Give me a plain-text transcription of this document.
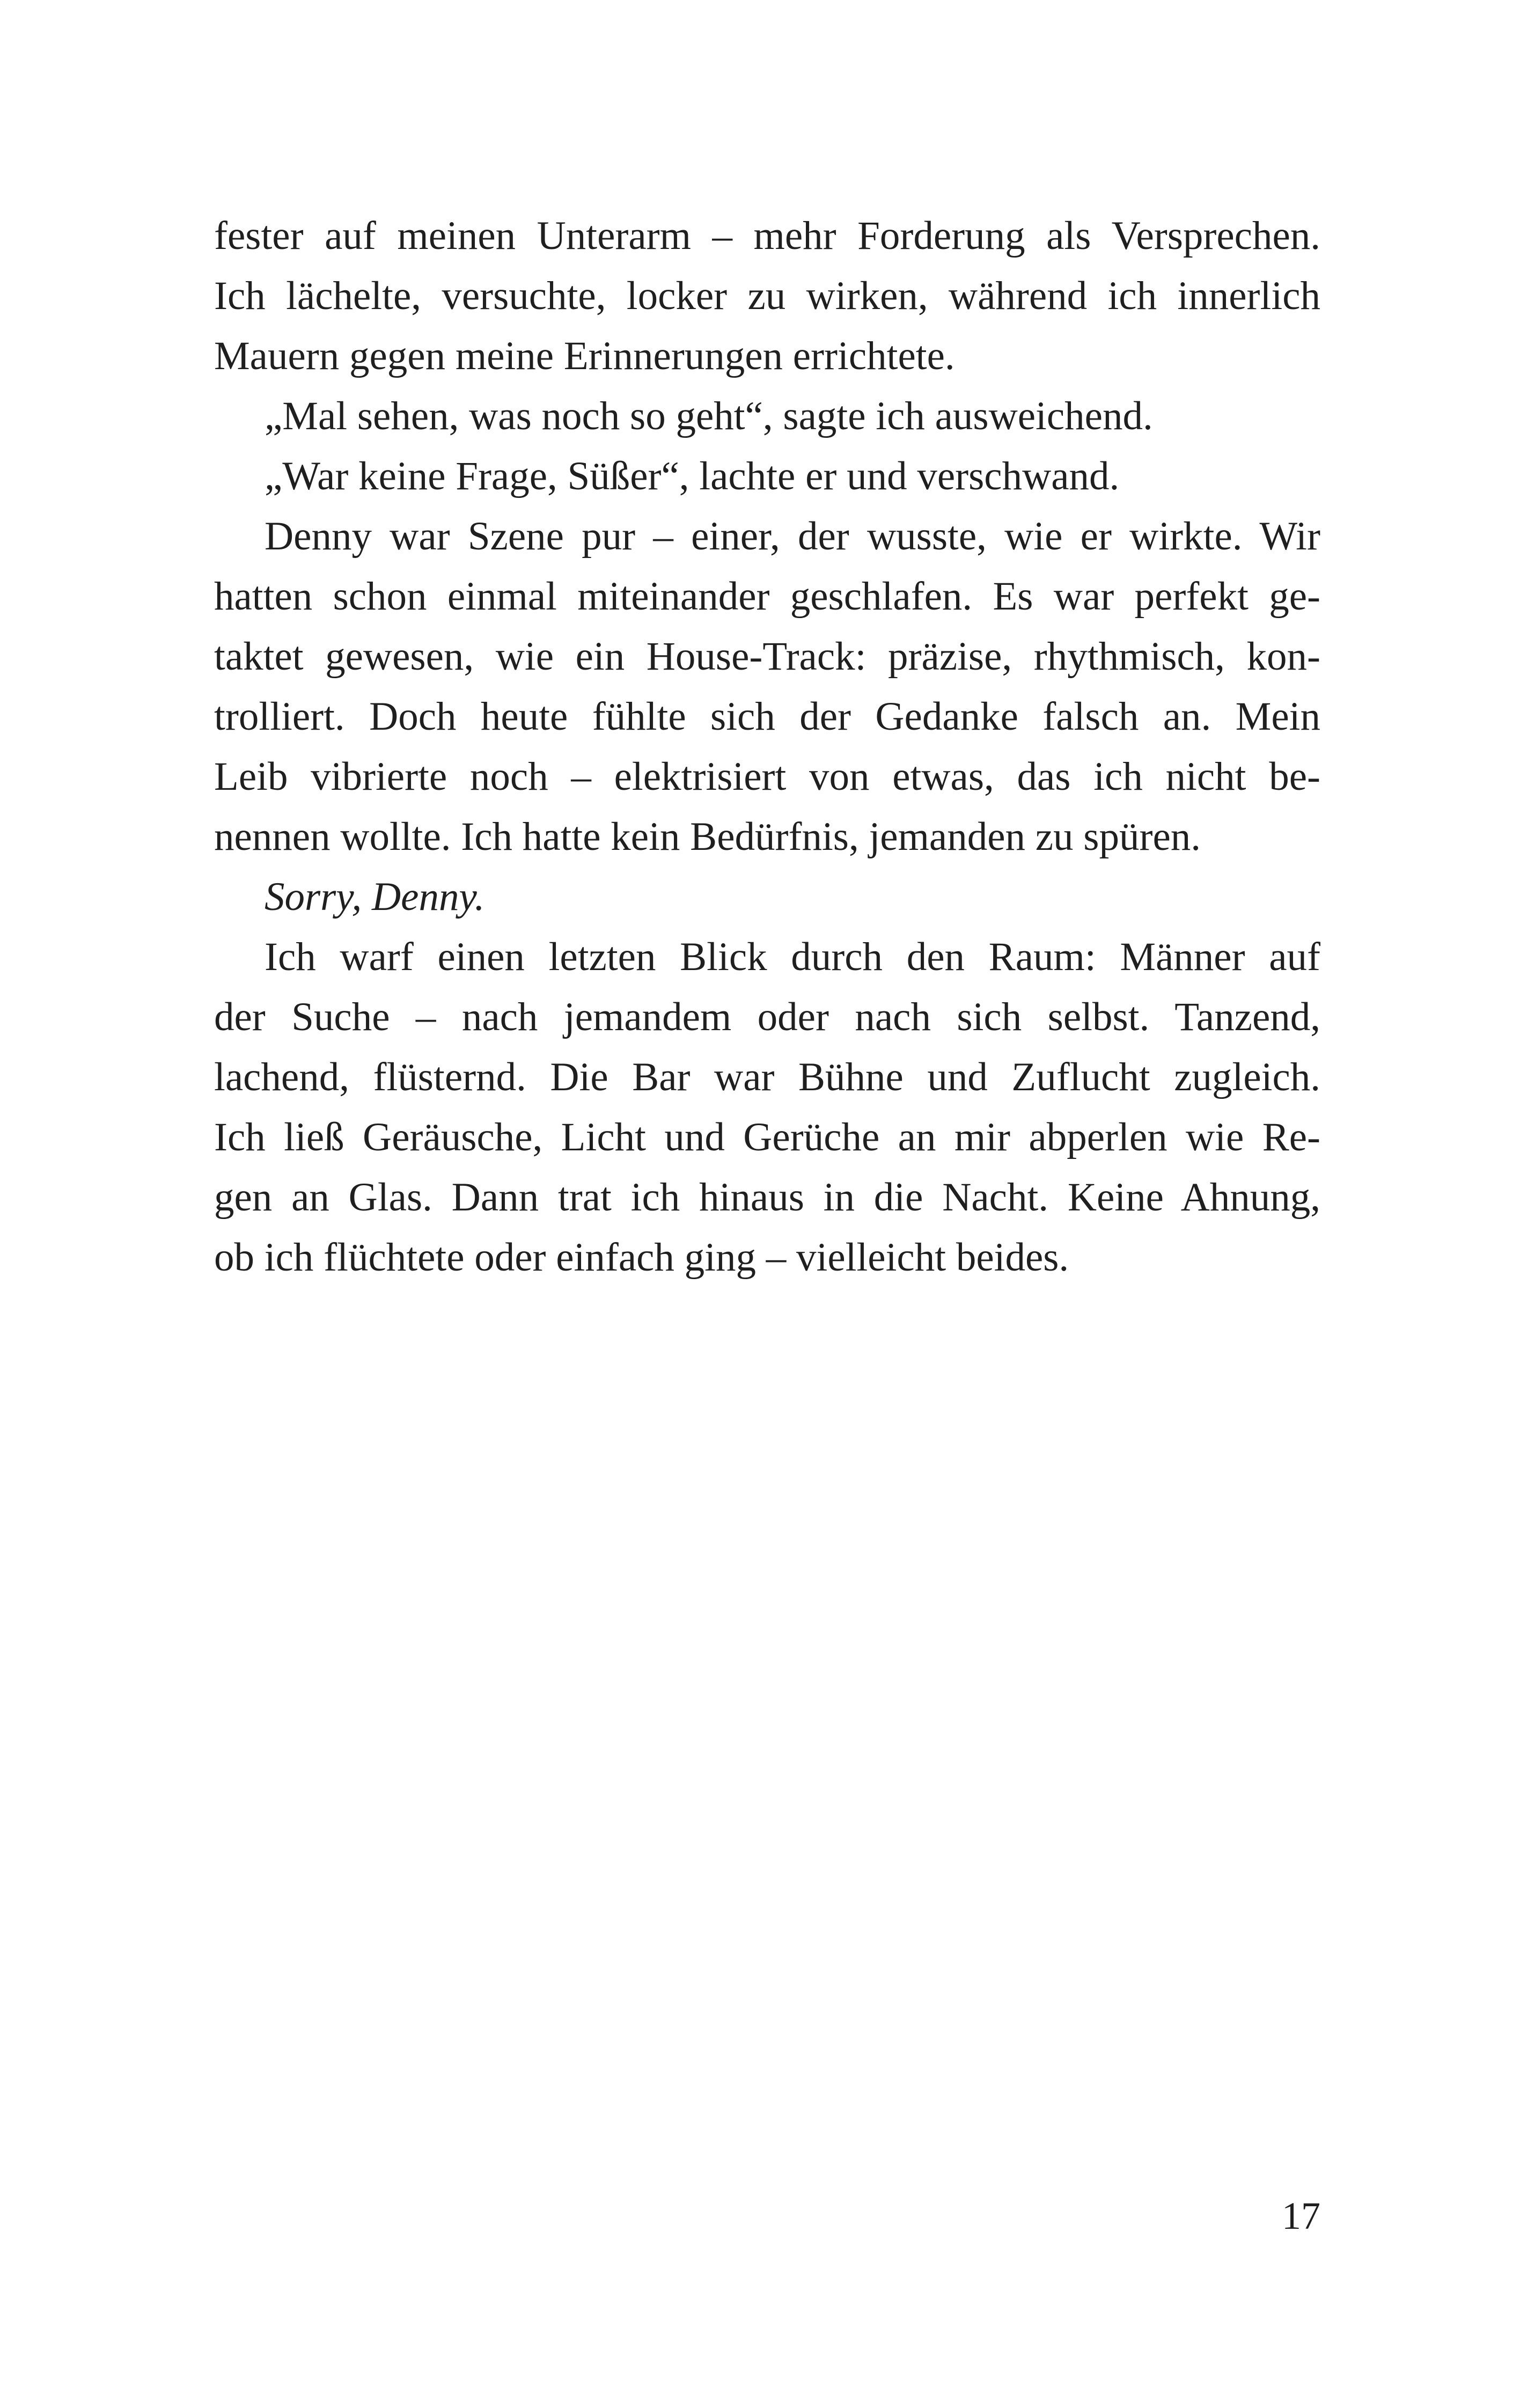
fester auf meinen Unterarm – mehr Forderung als Versprechen.
Ich lächelte, versuchte, locker zu wirken, während ich innerlich
Mauern gegen meine Erinnerungen errichtete.
„Mal sehen, was noch so geht“, sagte ich ausweichend.
„War keine Frage, Süßer“, lachte er und verschwand.
Denny war Szene pur – einer, der wusste, wie er wirkte. Wir
hatten schon einmal miteinander geschlafen. Es war perfekt ge-
taktet gewesen, wie ein House-Track: präzise, rhythmisch, kon-
trolliert. Doch heute fühlte sich der Gedanke falsch an. Mein
Leib vibrierte noch – elektrisiert von etwas, das ich nicht be-
nennen wollte. Ich hatte kein Bedürfnis, jemanden zu spüren.
Sorry, Denny.
Ich warf einen letzten Blick durch den Raum: Männer auf
der Suche – nach jemandem oder nach sich selbst. Tanzend,
lachend, flüsternd. Die Bar war Bühne und Zuflucht zugleich.
Ich ließ Geräusche, Licht und Gerüche an mir abperlen wie Re-
gen an Glas. Dann trat ich hinaus in die Nacht. Keine Ahnung,
ob ich flüchtete oder einfach ging – vielleicht beides.
17
